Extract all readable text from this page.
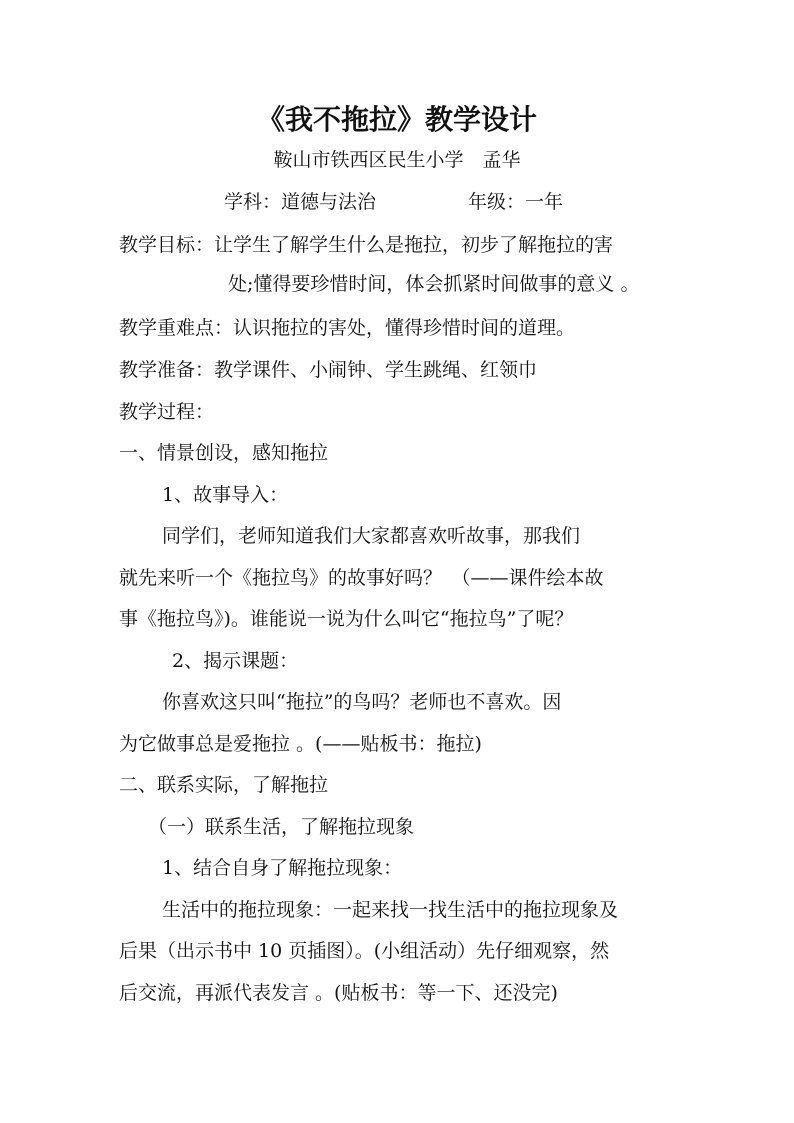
《我不拖拉》教学设计
鞍山市铁西区民生小学　孟华
学科：道德与法治	年级：一年
教学目标：让学生了解学生什么是拖拉，初步了解拖拉的害
处;懂得要珍惜时间，体会抓紧时间做事的意义 。
教学重难点：认识拖拉的害处，懂得珍惜时间的道理。
教学准备：教学课件、小闹钟、学生跳绳、红领巾
教学过程：
一、情景创设，感知拖拉
1、故事导入：
同学们，老师知道我们大家都喜欢听故事，那我们
就先来听一个《拖拉鸟》的故事好吗？　（——课件绘本故
事《拖拉鸟》)。谁能说一说为什么叫它“拖拉鸟”了呢？
2、揭示课题：
你喜欢这只叫“拖拉”的鸟吗？老师也不喜欢。因
为它做事总是爱拖拉 。(——贴板书：拖拉)
二、联系实际，了解拖拉
（一）联系生活，了解拖拉现象
1、结合自身了解拖拉现象：
生活中的拖拉现象：一起来找一找生活中的拖拉现象及
后果（出示书中 10 页插图）。(小组活动）先仔细观察，然
后交流，再派代表发言 。(贴板书：等一下、还没完)
